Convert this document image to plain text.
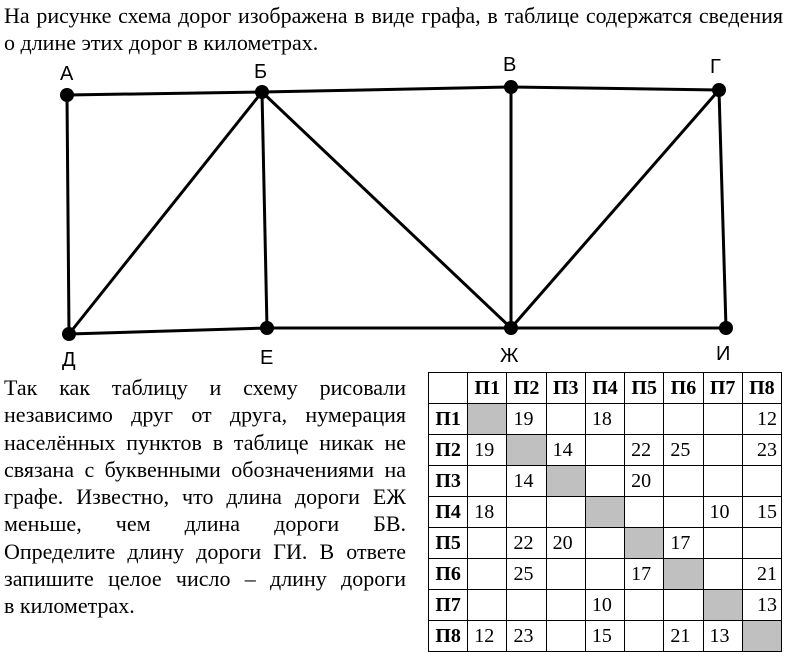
На рисунке схема дорог изображена в виде графа, в таблице содержатся сведения о длине этих дорог в километрах.

А	Б	В	Г
Д	Е	Ж	И
Так как таблицу и схему рисовали
независимо друг от друга, нумерация
населённых пунктов в таблице никак не
связана с буквенными обозначениями на
графе. Известно, что длина дороги ЕЖ
меньше, чем длина дороги БВ.
Определите длину дороги ГИ. В ответе
запишите целое число – длину дороги
в километрах.
	П1	П2	П3	П4	П5	П6	П7	П8
П1		19		18				12
П2	19		14		22	25		23
П3		14			20			
П4	18						10	15
П5		22	20			17		
П6		25			17			21
П7				10				13
П8	12	23		15		21	13	
